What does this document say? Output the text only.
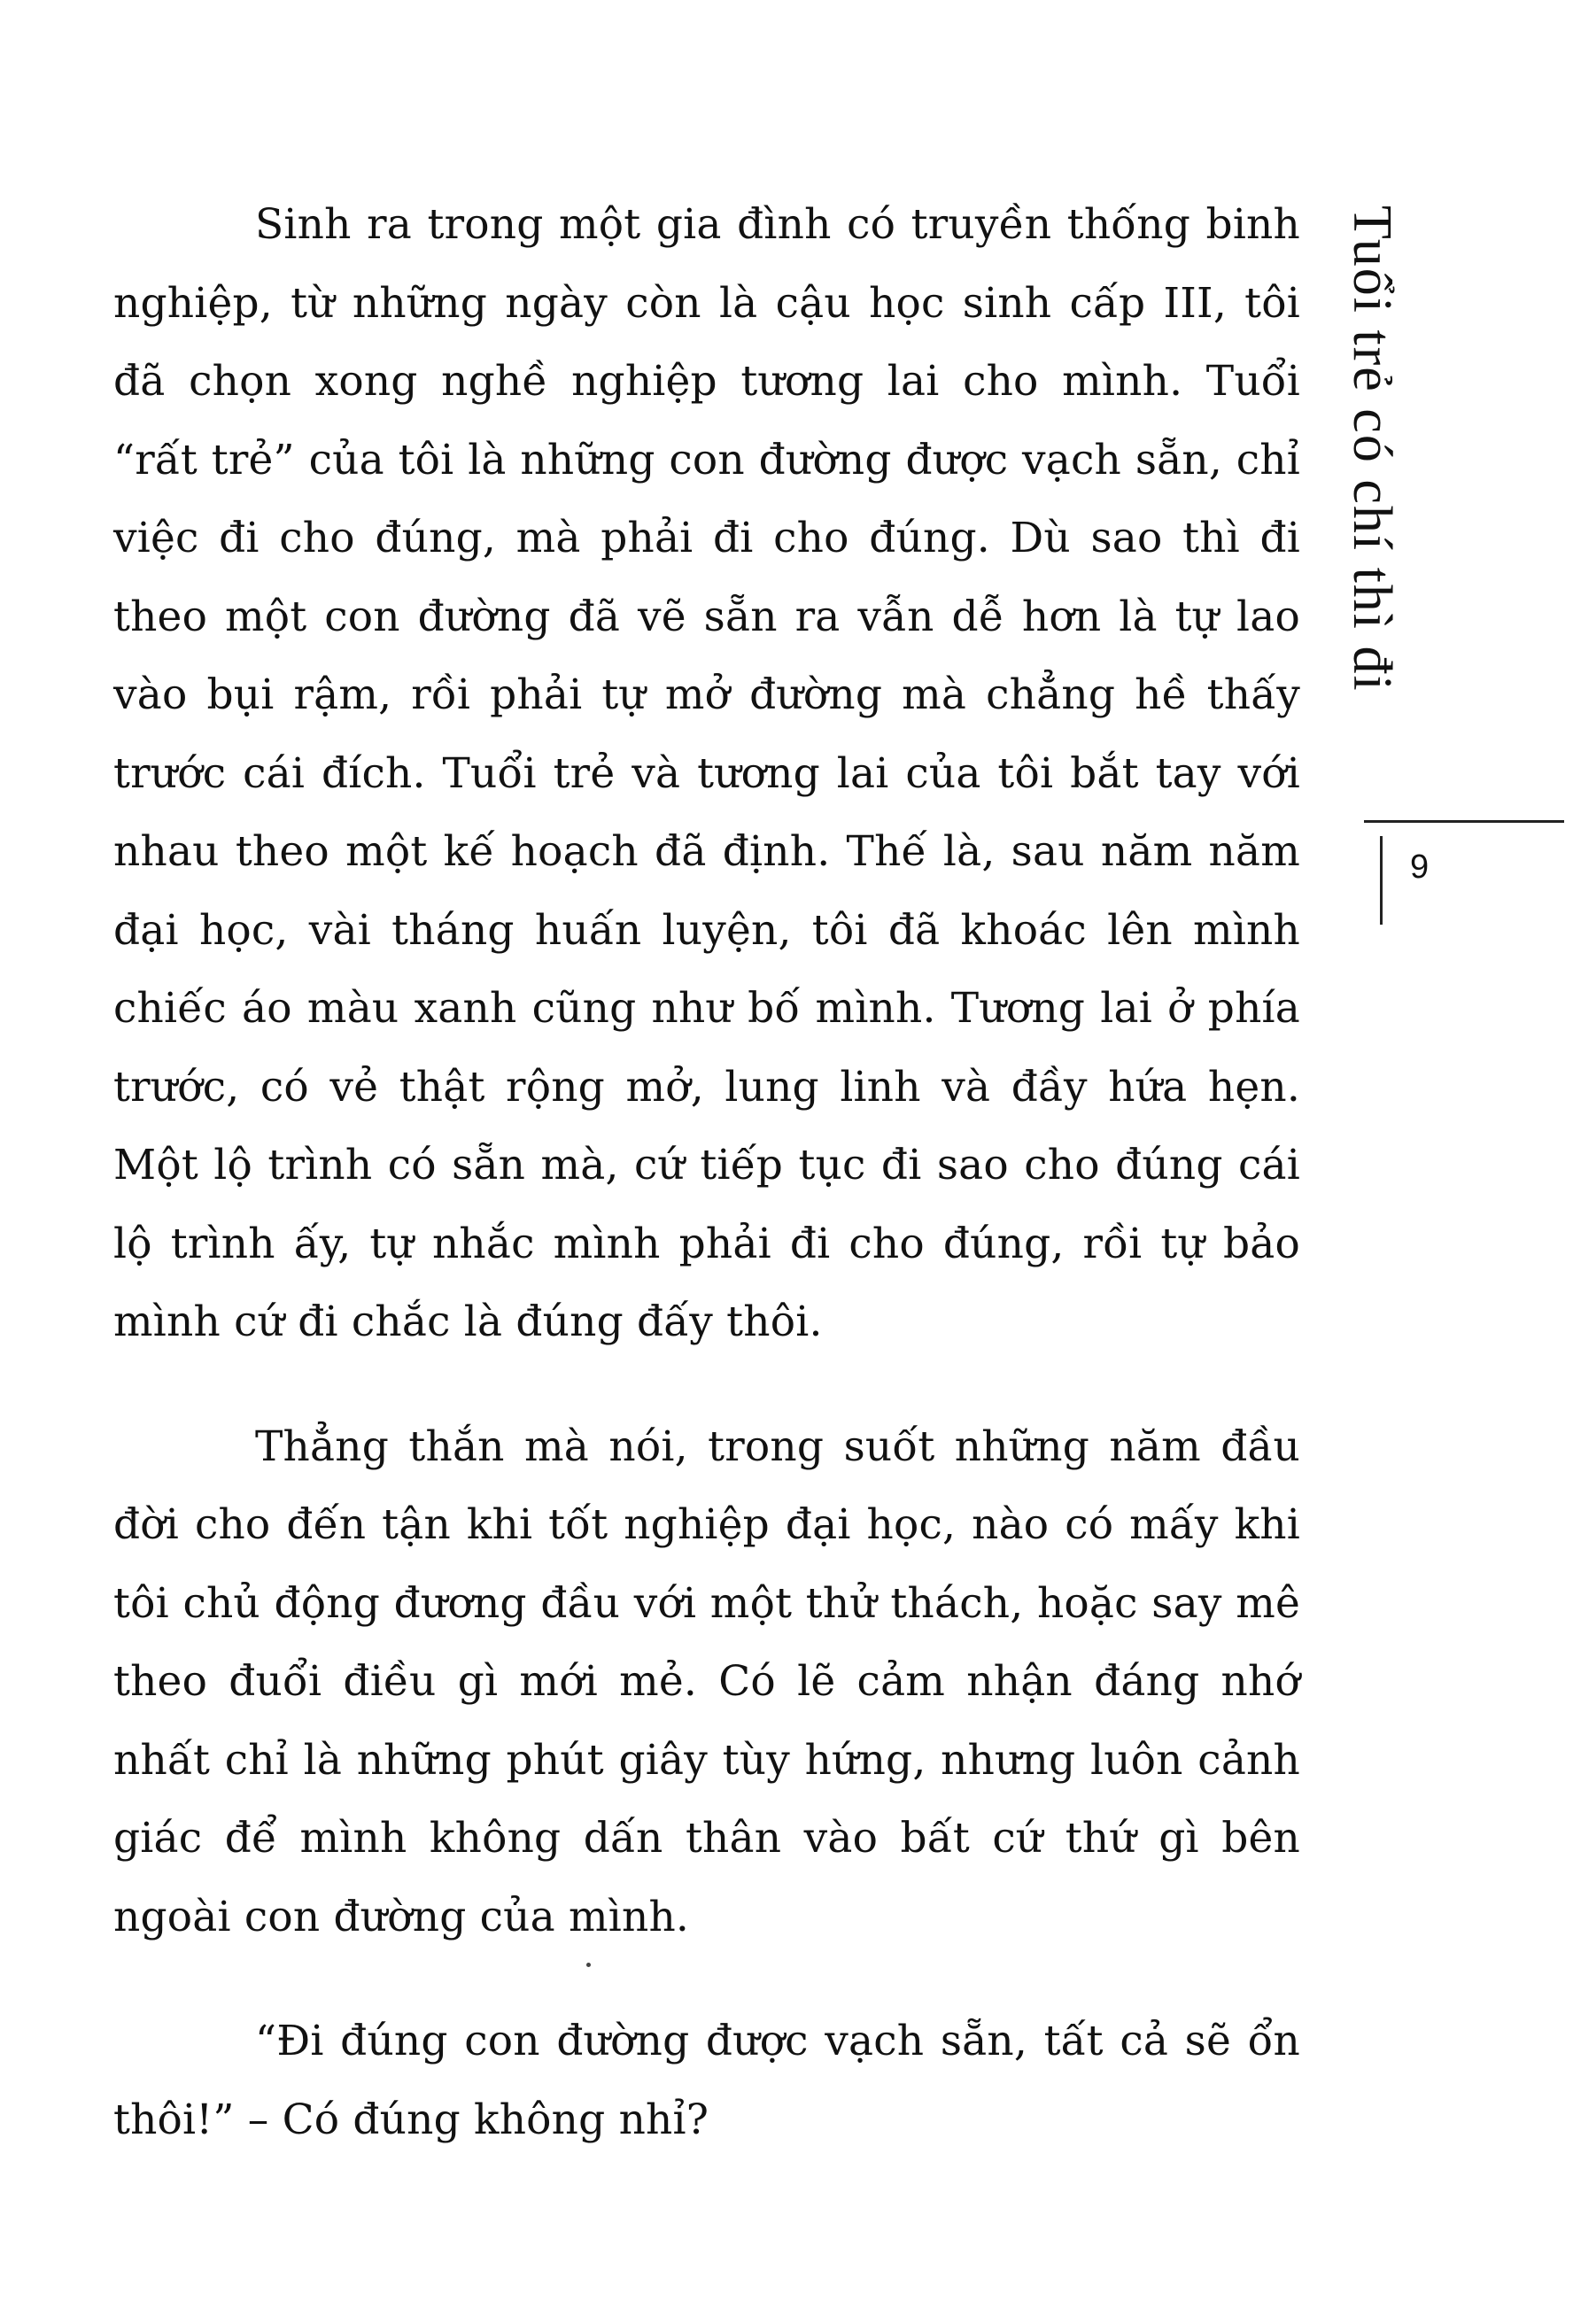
Sinh ra trong một gia đình có truyền thống binh nghiệp, từ những ngày còn là cậu học sinh cấp III, tôi đã chọn xong nghề nghiệp tương lai cho mình. Tuổi “rất trẻ” của tôi là những con đường được vạch sẵn, chỉ việc đi cho đúng, mà phải đi cho đúng. Dù sao thì đi theo một con đường đã vẽ sẵn ra vẫn dễ hơn là tự lao vào bụi rậm, rồi phải tự mở đường mà chẳng hề thấy trước cái đích. Tuổi trẻ và tương lai của tôi bắt tay với nhau theo một kế hoạch đã định. Thế là, sau năm năm đại học, vài tháng huấn luyện, tôi đã khoác lên mình chiếc áo màu xanh cũng như bố mình. Tương lai ở phía trước, có vẻ thật rộng mở, lung linh và đầy hứa hẹn. Một lộ trình có sẵn mà, cứ tiếp tục đi sao cho đúng cái lộ trình ấy, tự nhắc mình phải đi cho đúng, rồi tự bảo mình cứ đi chắc là đúng đấy thôi.

Thẳng thắn mà nói, trong suốt những năm đầu đời cho đến tận khi tốt nghiệp đại học, nào có mấy khi tôi chủ động đương đầu với một thử thách, hoặc say mê theo đuổi điều gì mới mẻ. Có lẽ cảm nhận đáng nhớ nhất chỉ là những phút giây tùy hứng, nhưng luôn cảnh giác để mình không dấn thân vào bất cứ thứ gì bên ngoài con đường của mình.

“Đi đúng con đường được vạch sẵn, tất cả sẽ ổn thôi!” – Có đúng không nhỉ?

Tuổi trẻ có chí thì đi
9
